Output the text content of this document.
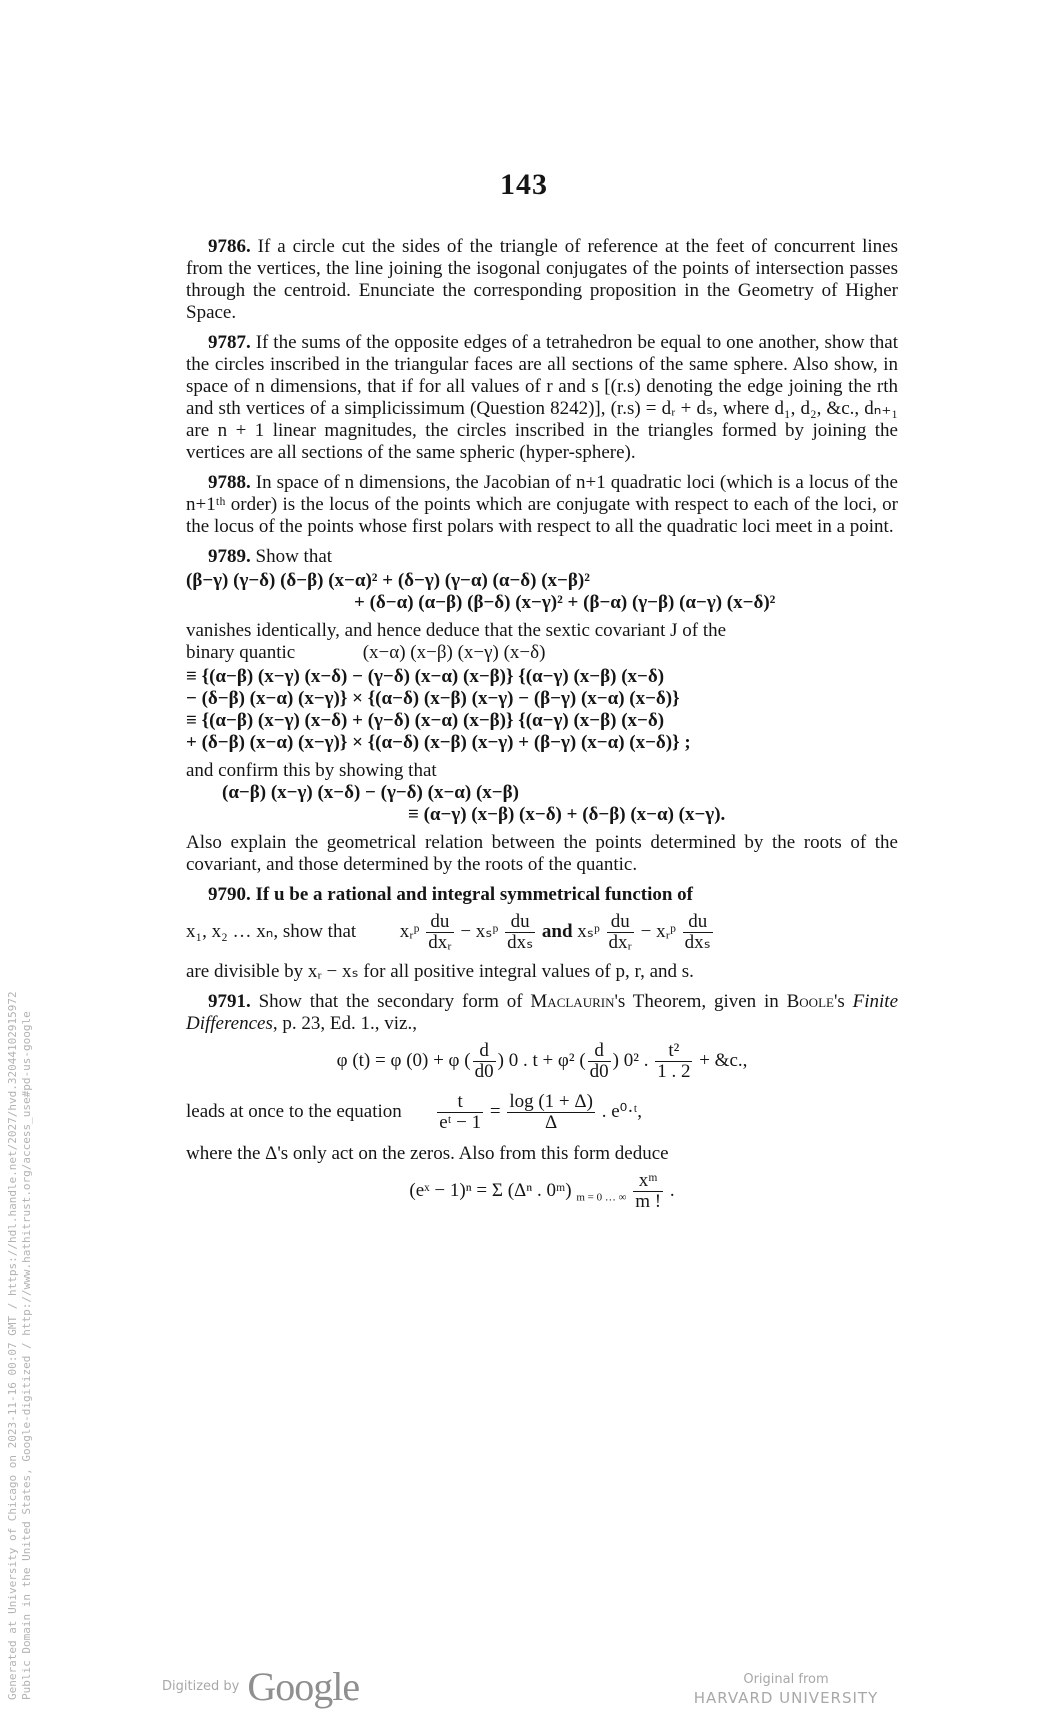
143

9786. If a circle cut the sides of the triangle of reference at the feet of concurrent lines from the vertices, the line joining the isogonal conjugates of the points of intersection passes through the centroid. Enunciate the corresponding proposition in the Geometry of Higher Space.

9787. If the sums of the opposite edges of a tetrahedron be equal to one another, show that the circles inscribed in the triangular faces are all sections of the same sphere. Also show, in space of n dimensions, that if for all values of r and s [(r.s) denoting the edge joining the rth and sth vertices of a simplicissimum (Question 8242)], (r.s) = dᵣ + dₛ, where d₁, d₂, &c., dₙ₊₁ are n + 1 linear magnitudes, the circles inscribed in the triangles formed by joining the vertices are all sections of the same spheric (hyper-sphere).

9788. In space of n dimensions, the Jacobian of n+1 quadratic loci (which is a locus of the n+1ᵗʰ order) is the locus of the points which are conjugate with respect to each of the loci, or the locus of the points whose first polars with respect to all the quadratic loci meet in a point.

9789. Show that

(β−γ) (γ−δ) (δ−β) (x−α)² + (δ−γ) (γ−α) (α−δ) (x−β)²

+ (δ−α) (α−β) (β−δ) (x−γ)² + (β−α) (γ−β) (α−γ) (x−δ)²

vanishes identically, and hence deduce that the sextic covariant J of the

binary quantic	(x−α) (x−β) (x−γ) (x−δ)

≡ {(α−β) (x−γ) (x−δ) − (γ−δ) (x−α) (x−β)} {(α−γ) (x−β) (x−δ)

− (δ−β) (x−α) (x−γ)} × {(α−δ) (x−β) (x−γ) − (β−γ) (x−α) (x−δ)}

≡ {(α−β) (x−γ) (x−δ) + (γ−δ) (x−α) (x−β)} {(α−γ) (x−β) (x−δ)

+ (δ−β) (x−α) (x−γ)} × {(α−δ) (x−β) (x−γ) + (β−γ) (x−α) (x−δ)} ;

and confirm this by showing that

(α−β) (x−γ) (x−δ) − (γ−δ) (x−α) (x−β)

≡ (α−γ) (x−β) (x−δ) + (δ−β) (x−α) (x−γ).

Also explain the geometrical relation between the points determined by the roots of the covariant, and those determined by the roots of the quantic.

9790. If u be a rational and integral symmetrical function of

x₁, x₂ … xₙ, show that xᵣᵖ $\frac{du}{\text{dxᵣ}}$ − xₛᵖ $\frac{du}{\text{dxₛ}}$ and xₛᵖ $\frac{du}{\text{dxᵣ}}$ − xᵣᵖ $\frac{du}{\text{dxₛ}}$

are divisible by xᵣ − xₛ for all positive integral values of p, r, and s.

9791. Show that the secondary form of Maclaurin's Theorem, given in Boole's Finite Differences, p. 23, Ed. 1., viz.,

φ (t) = φ (0) + φ ( $\frac{d}{d0}$ ) 0 . t + φ² ( $\frac{d}{d0}$ ) 0² . $\frac{\text{t²}}{1 . 2}$ + &c.,

leads at once to the equation $\frac{t}{\text{eᵗ − 1}} = \frac{\log (1 + \Delta)}{\Delta}$ . e⁰·ᵗ,

where the Δ's only act on the zeros. Also from this form deduce

(eˣ − 1)ⁿ = Σ (Δⁿ . 0ᵐ) $_{m = 0 \dots \infty} \frac{\text{xᵐ}}{m !}$ .

Generated at University of Chicago on 2023-11-16 00:07 GMT / https://hdl.handle.net/2027/hvd.32044102915972 Public Domain in the United States, Google-digitized / http://www.hathitrust.org/access_use#pd-us-google	Digitized by Google	Original from
HARVARD UNIVERSITY
